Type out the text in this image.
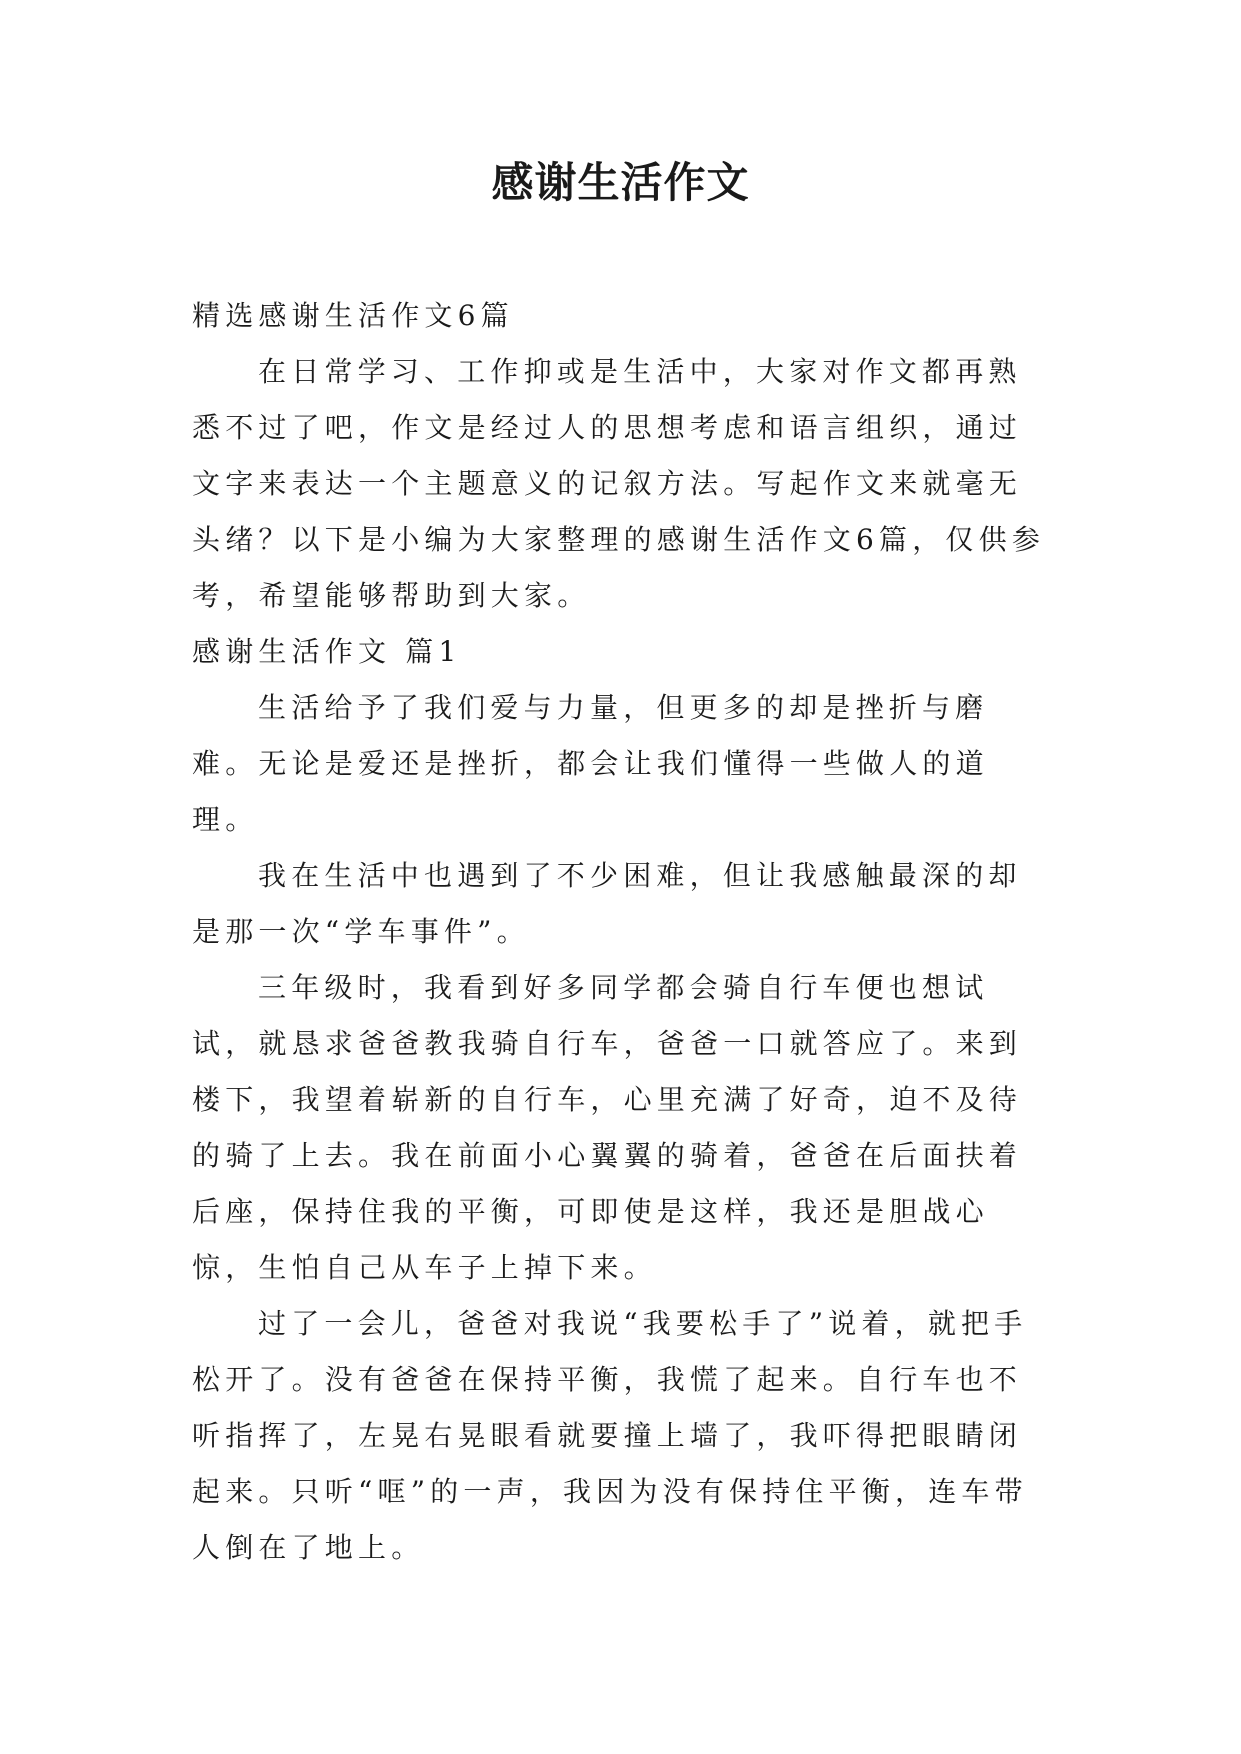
感谢生活作文

精选感谢生活作文6篇

在日常学习、工作抑或是生活中，大家对作文都再熟悉不过了吧，作文是经过人的思想考虑和语言组织，通过文字来表达一个主题意义的记叙方法。写起作文来就毫无头绪？以下是小编为大家整理的感谢生活作文6篇，仅供参考，希望能够帮助到大家。

感谢生活作文 篇1

生活给予了我们爱与力量，但更多的却是挫折与磨难。无论是爱还是挫折，都会让我们懂得一些做人的道理。

我在生活中也遇到了不少困难，但让我感触最深的却是那一次“学车事件”。

三年级时，我看到好多同学都会骑自行车便也想试试，就恳求爸爸教我骑自行车，爸爸一口就答应了。来到楼下，我望着崭新的自行车，心里充满了好奇，迫不及待的骑了上去。我在前面小心翼翼的骑着，爸爸在后面扶着后座，保持住我的平衡，可即使是这样，我还是胆战心惊，生怕自己从车子上掉下来。

过了一会儿，爸爸对我说“我要松手了”说着，就把手松开了。没有爸爸在保持平衡，我慌了起来。自行车也不听指挥了，左晃右晃眼看就要撞上墙了，我吓得把眼睛闭起来。只听“哐”的一声，我因为没有保持住平衡，连车带人倒在了地上。
